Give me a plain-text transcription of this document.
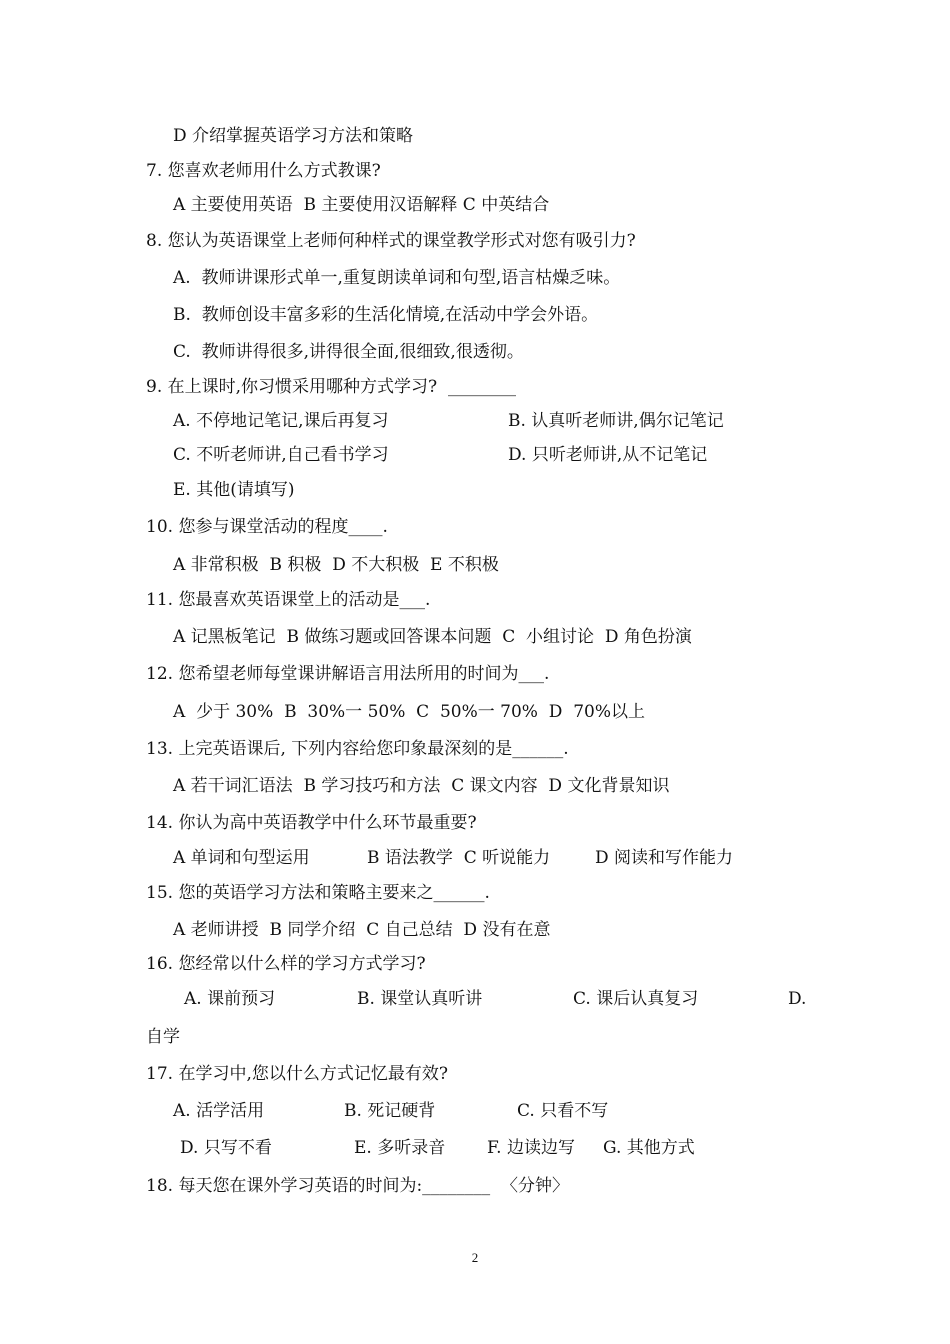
D 介绍掌握英语学习方法和策略
7. 您喜欢老师用什么方式教课?
A 主要使用英语  B 主要使用汉语解释 C 中英结合
8. 您认为英语课堂上老师何种样式的课堂教学形式对您有吸引力?
A.  教师讲课形式单一,重复朗读单词和句型,语言枯燥乏味。
B.  教师创设丰富多彩的生活化情境,在活动中学会外语。
C.  教师讲得很多,讲得很全面,很细致,很透彻。
9. 在上课时,你习惯采用哪种方式学习?  ________
A. 不停地记笔记,课后再复习	B. 认真听老师讲,偶尔记笔记
C. 不听老师讲,自己看书学习	D. 只听老师讲,从不记笔记
E. 其他(请填写)
10. 您参与课堂活动的程度____.
A 非常积极  B 积极  D 不大积极  E 不积极
11. 您最喜欢英语课堂上的活动是___.
A 记黑板笔记  B 做练习题或回答课本问题  C  小组讨论  D 角色扮演
12. 您希望老师每堂课讲解语言用法所用的时间为___.
A  少于 30%  B  30%一 50%  C  50%一 70%  D  70%以上
13. 上完英语课后, 下列内容给您印象最深刻的是______.
A 若干词汇语法  B 学习技巧和方法  C 课文内容  D 文化背景知识
14. 你认为高中英语教学中什么环节最重要?
A 单词和句型运用	B 语法教学  C 听说能力	D 阅读和写作能力
15. 您的英语学习方法和策略主要来之______.
A 老师讲授  B 同学介绍  C 自己总结  D 没有在意
16. 您经常以什么样的学习方式学习?
A. 课前预习	B. 课堂认真听讲	C. 课后认真复习	D.
自学
17. 在学习中,您以什么方式记忆最有效?
A. 活学活用	B. 死记硬背	C. 只看不写
D. 只写不看	E. 多听录音 F. 边读边写 G. 其他方式
18. 每天您在课外学习英语的时间为:________  〈分钟〉
2
